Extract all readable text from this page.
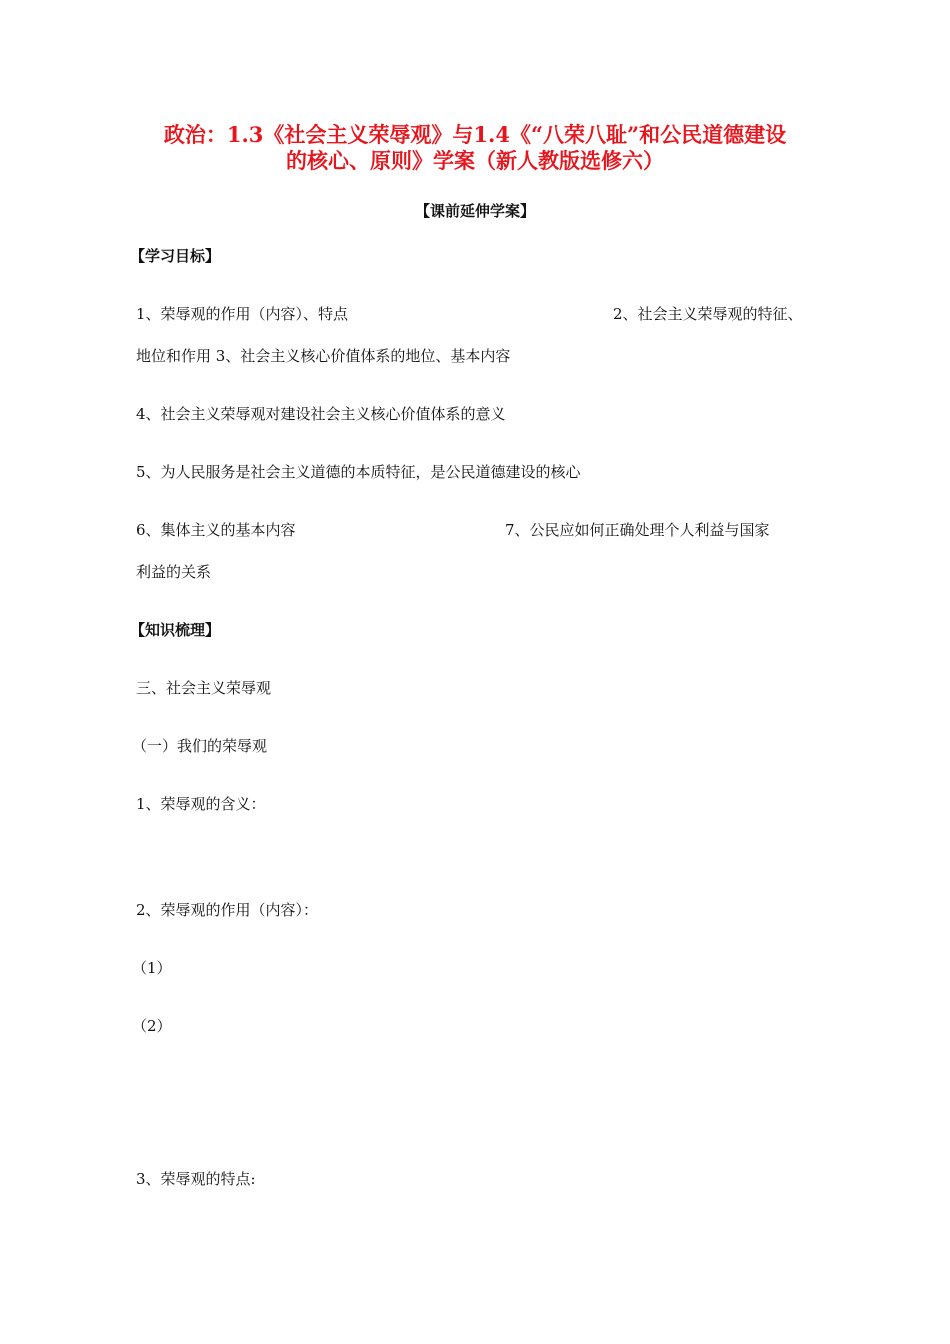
政治：1.3《社会主义荣辱观》与1.4《“八荣八耻”和公民道德建设
的核心、原则》学案（新人教版选修六）
【课前延伸学案】
【学习目标】
1、荣辱观的作用（内容）、特点	2、社会主义荣辱观的特征、
地位和作用 3、社会主义核心价值体系的地位、基本内容
4、社会主义荣辱观对建设社会主义核心价值体系的意义
5、为人民服务是社会主义道德的本质特征，是公民道德建设的核心
6、集体主义的基本内容	7、公民应如何正确处理个人利益与国家
利益的关系
【知识梳理】
三、社会主义荣辱观
（一）我们的荣辱观
1、荣辱观的含义：
2、荣辱观的作用（内容）：
（1）
（2）
3、荣辱观的特点:
